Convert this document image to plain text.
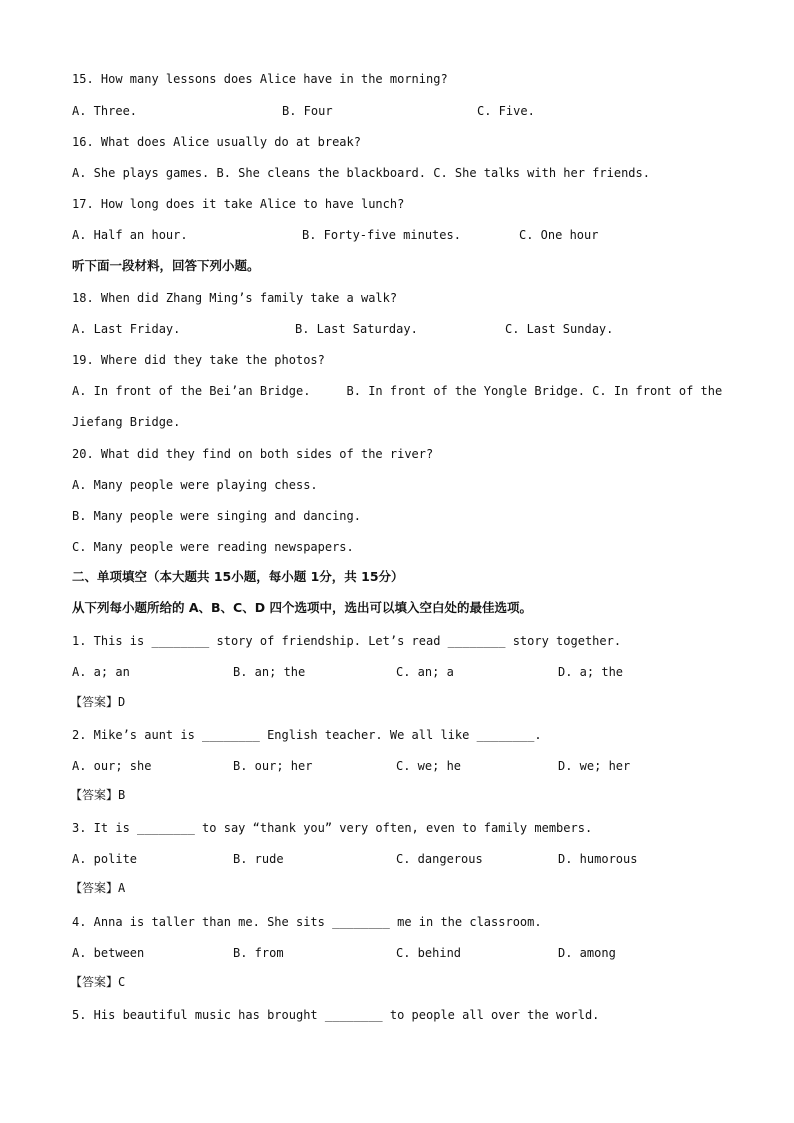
15. How many lessons does Alice have in the morning?
A. Three.	B. Four	C. Five.
16. What does Alice usually do at break?
A. She plays games. B. She cleans the blackboard. C. She talks with her friends.
17. How long does it take Alice to have lunch?
A. Half an hour.	B. Forty-five minutes.	C. One hour
听下面一段材料，回答下列小题。
18. When did Zhang Ming’s family take a walk?
A. Last Friday.	B. Last Saturday.	C. Last Sunday.
19. Where did they take the photos?
A. In front of the Bei’an Bridge.     B. In front of the Yongle Bridge. C. In front of the
Jiefang Bridge.
20. What did they find on both sides of the river?
A. Many people were playing chess.
B. Many people were singing and dancing.
C. Many people were reading newspapers.
二、单项填空（本大题共 15小题，每小题 1分，共 15分）
从下列每小题所给的 A、B、C、D 四个选项中，选出可以填入空白处的最佳选项。
1. This is ________ story of friendship. Let’s read ________ story together.
A. a; an	B. an; the	C. an; a	D. a; the
【答案】D
2. Mike’s aunt is ________ English teacher. We all like ________.
A. our; she	B. our; her	C. we; he	D. we; her
【答案】B
3. It is ________ to say “thank you” very often, even to family members.
A. polite	B. rude	C. dangerous	D. humorous
【答案】A
4. Anna is taller than me. She sits ________ me in the classroom.
A. between	B. from	C. behind	D. among
【答案】C
5. His beautiful music has brought ________ to people all over the world.
